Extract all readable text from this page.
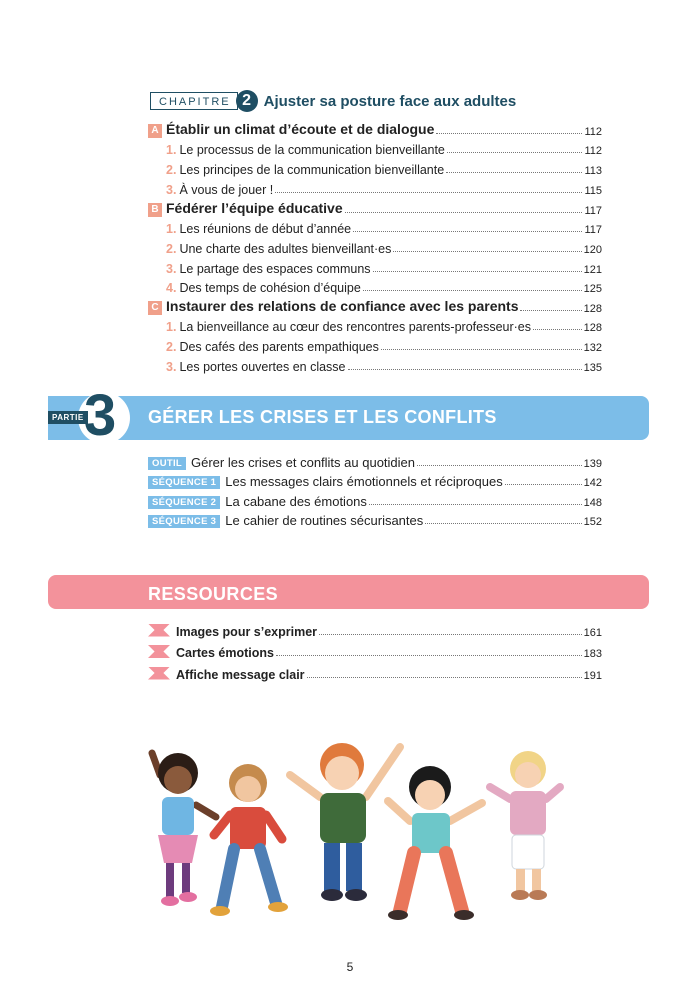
CHAPITRE 2 Ajuster sa posture face aux adultes
A Établir un climat d’écoute et de dialogue	112
1. Le processus de la communication bienveillante	112
2. Les principes de la communication bienveillante	113
3. À vous de jouer !	115
B Fédérer l’équipe éducative	117
1. Les réunions de début d’année	117
2. Une charte des adultes bienveillant·es	120
3. Le partage des espaces communs	121
4. Des temps de cohésion d’équipe	125
C Instaurer des relations de confiance avec les parents	128
1. La bienveillance au cœur des rencontres parents-professeur·es	128
2. Des cafés des parents empathiques	132
3. Les portes ouvertes en classe	135
PARTIE 3 GÉRER LES CRISES ET LES CONFLITS
OUTIL Gérer les crises et conflits au quotidien	139
SÉQUENCE 1 Les messages clairs émotionnels et réciproques	142
SÉQUENCE 2 La cabane des émotions	148
SÉQUENCE 3 Le cahier de routines sécurisantes	152
RESSOURCES
Images pour s’exprimer	161
Cartes émotions	183
Affiche message clair	191
5
